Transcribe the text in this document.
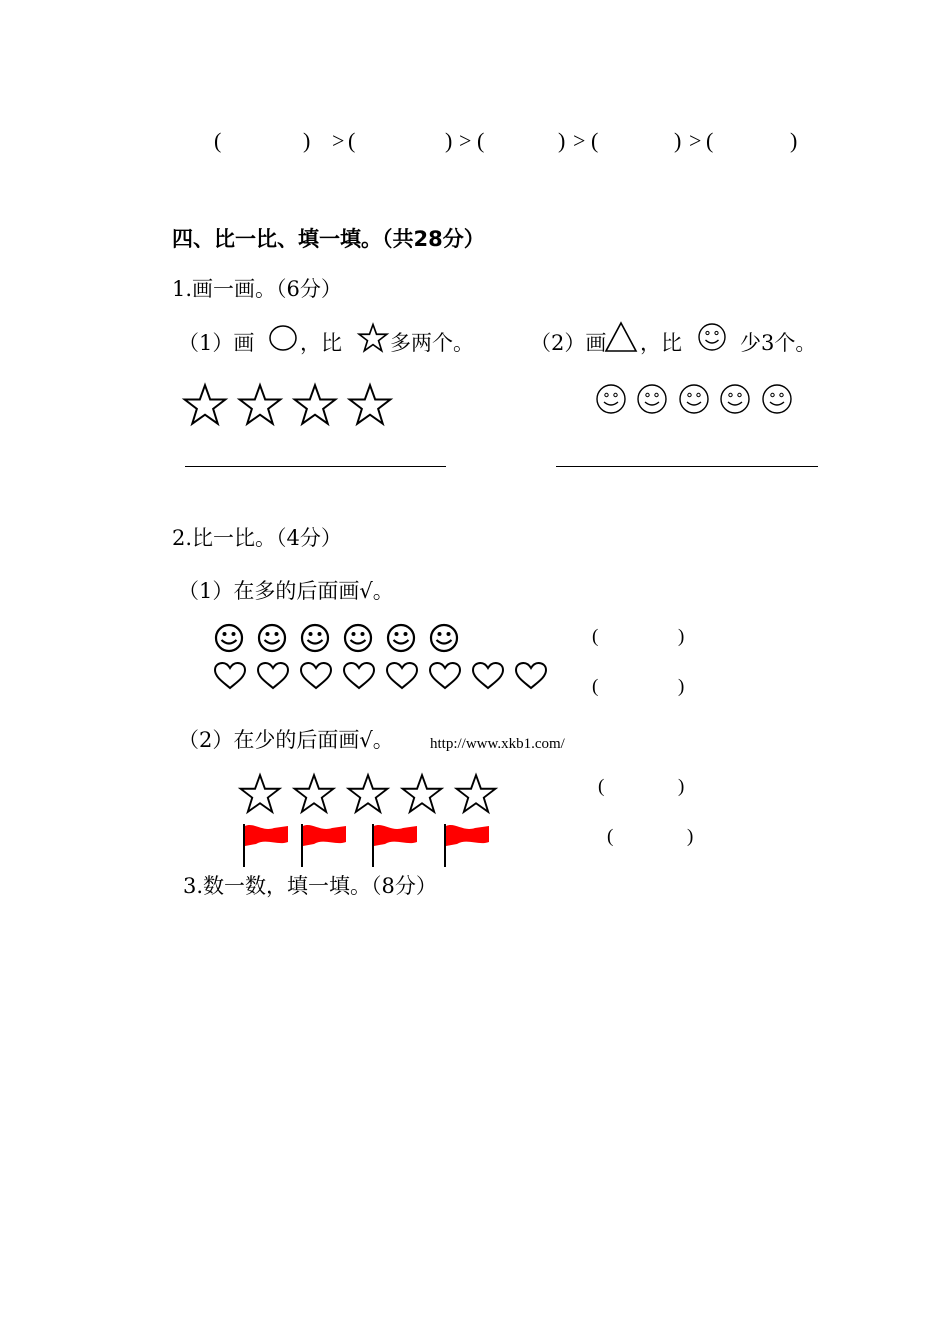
(	) > (	) > (	) > (	) > (	)
四、比一比、填一填。（共28分）
1.画一画。（6分）
（1）画 ，比 多两个。	（2）画 ，比	少3个。
2.比一比。（4分）
（1）在多的后面画√。
(	)
(	)
（2）在少的后面画√。 http://www.xkb1.com/
(	)
(	)
3.数一数，填一填。（8分）
